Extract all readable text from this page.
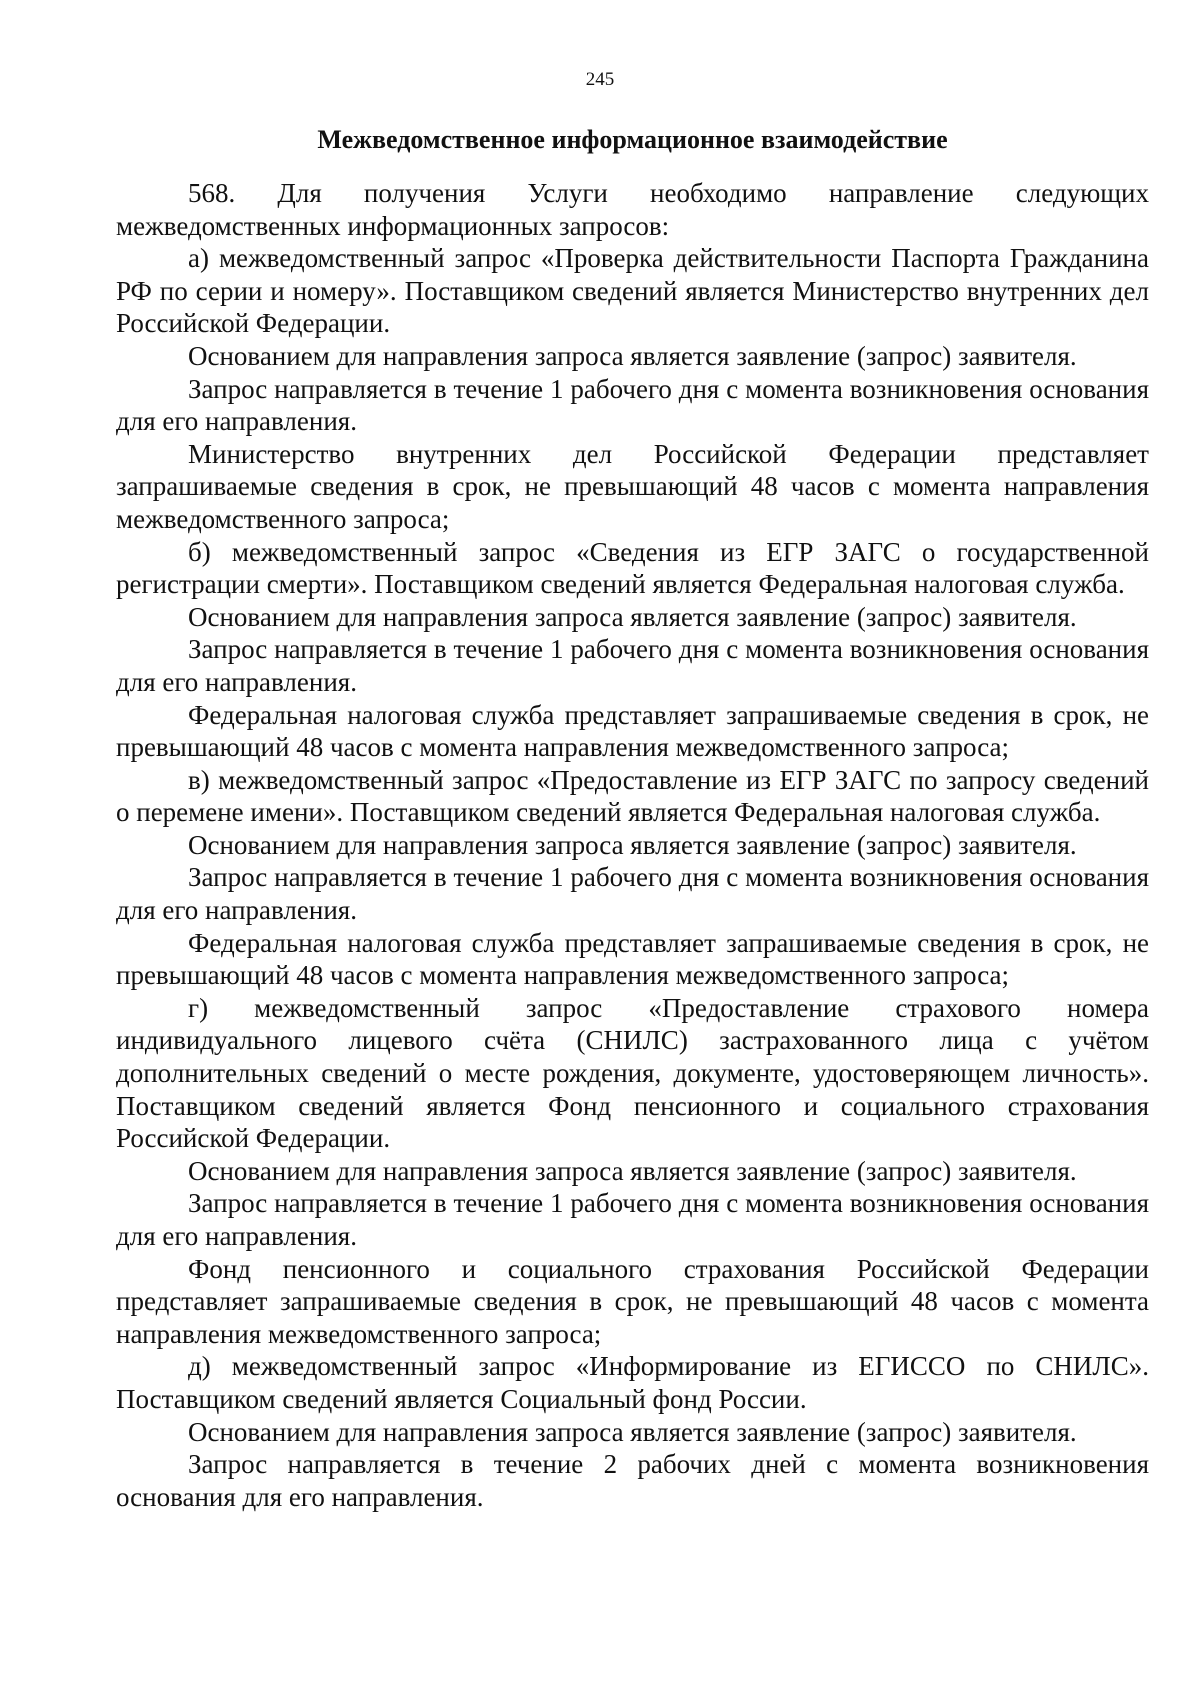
245
Межведомственное информационное взаимодействие

568. Для получения Услуги необходимо направление следующих межведомственных информационных запросов:

а) межведомственный запрос «Проверка действительности Паспорта Гражданина РФ по серии и номеру». Поставщиком сведений является Министерство внутренних дел Российской Федерации.

Основанием для направления запроса является заявление (запрос) заявителя.

Запрос направляется в течение 1 рабочего дня с момента возникновения основания для его направления.

Министерство внутренних дел Российской Федерации представляет запрашиваемые сведения в срок, не превышающий 48 часов с момента направления межведомственного запроса;

б) межведомственный запрос «Сведения из ЕГР ЗАГС о государственной регистрации смерти». Поставщиком сведений является Федеральная налоговая служба.

Основанием для направления запроса является заявление (запрос) заявителя.

Запрос направляется в течение 1 рабочего дня с момента возникновения основания для его направления.

Федеральная налоговая служба представляет запрашиваемые сведения в срок, не превышающий 48 часов с момента направления межведомственного запроса;

в) межведомственный запрос «Предоставление из ЕГР ЗАГС по запросу сведений о перемене имени». Поставщиком сведений является Федеральная налоговая служба.

Основанием для направления запроса является заявление (запрос) заявителя.

Запрос направляется в течение 1 рабочего дня с момента возникновения основания для его направления.

Федеральная налоговая служба представляет запрашиваемые сведения в срок, не превышающий 48 часов с момента направления межведомственного запроса;

г) межведомственный запрос «Предоставление страхового номера индивидуального лицевого счёта (СНИЛС) застрахованного лица с учётом дополнительных сведений о месте рождения, документе, удостоверяющем личность». Поставщиком сведений является Фонд пенсионного и социального страхования Российской Федерации.

Основанием для направления запроса является заявление (запрос) заявителя.

Запрос направляется в течение 1 рабочего дня с момента возникновения основания для его направления.

Фонд пенсионного и социального страхования Российской Федерации представляет запрашиваемые сведения в срок, не превышающий 48 часов с момента направления межведомственного запроса;

д) межведомственный запрос «Информирование из ЕГИССО по СНИЛС». Поставщиком сведений является Социальный фонд России.

Основанием для направления запроса является заявление (запрос) заявителя.

Запрос направляется в течение 2 рабочих дней с момента возникновения основания для его направления.
